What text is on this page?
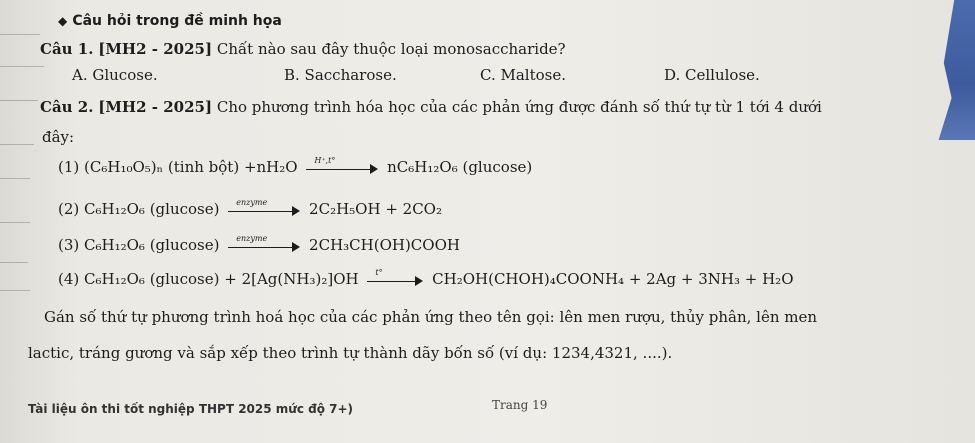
◆ Câu hỏi trong đề minh họa
Câu 1. [MH2 - 2025] Chất nào sau đây thuộc loại monosaccharide?
A. Glucose.	B. Saccharose.	C. Maltose.	D. Cellulose.
Câu 2. [MH2 - 2025] Cho phương trình hóa học của các phản ứng được đánh số thứ tự từ 1 tới 4 dưới
đây:
(1) (C₆H₁₀O₅)ₙ (tinh bột) +nH₂O H⁺,t°	nC₆H₁₂O₆ (glucose)
(2) C₆H₁₂O₆ (glucose) enzyme	2C₂H₅OH + 2CO₂
(3) C₆H₁₂O₆ (glucose) enzyme	2CH₃CH(OH)COOH
(4) C₆H₁₂O₆ (glucose) + 2[Ag(NH₃)₂]OH t°	CH₂OH(CHOH)₄COONH₄ + 2Ag + 3NH₃ + H₂O
Gán số thứ tự phương trình hoá học của các phản ứng theo tên gọi: lên men rượu, thủy phân, lên men
lactic, tráng gương và sắp xếp theo trình tự thành dãy bốn số (ví dụ: 1234,4321, ....).
Tài liệu ôn thi tốt nghiệp THPT 2025 mức độ 7+)	Trang 19
